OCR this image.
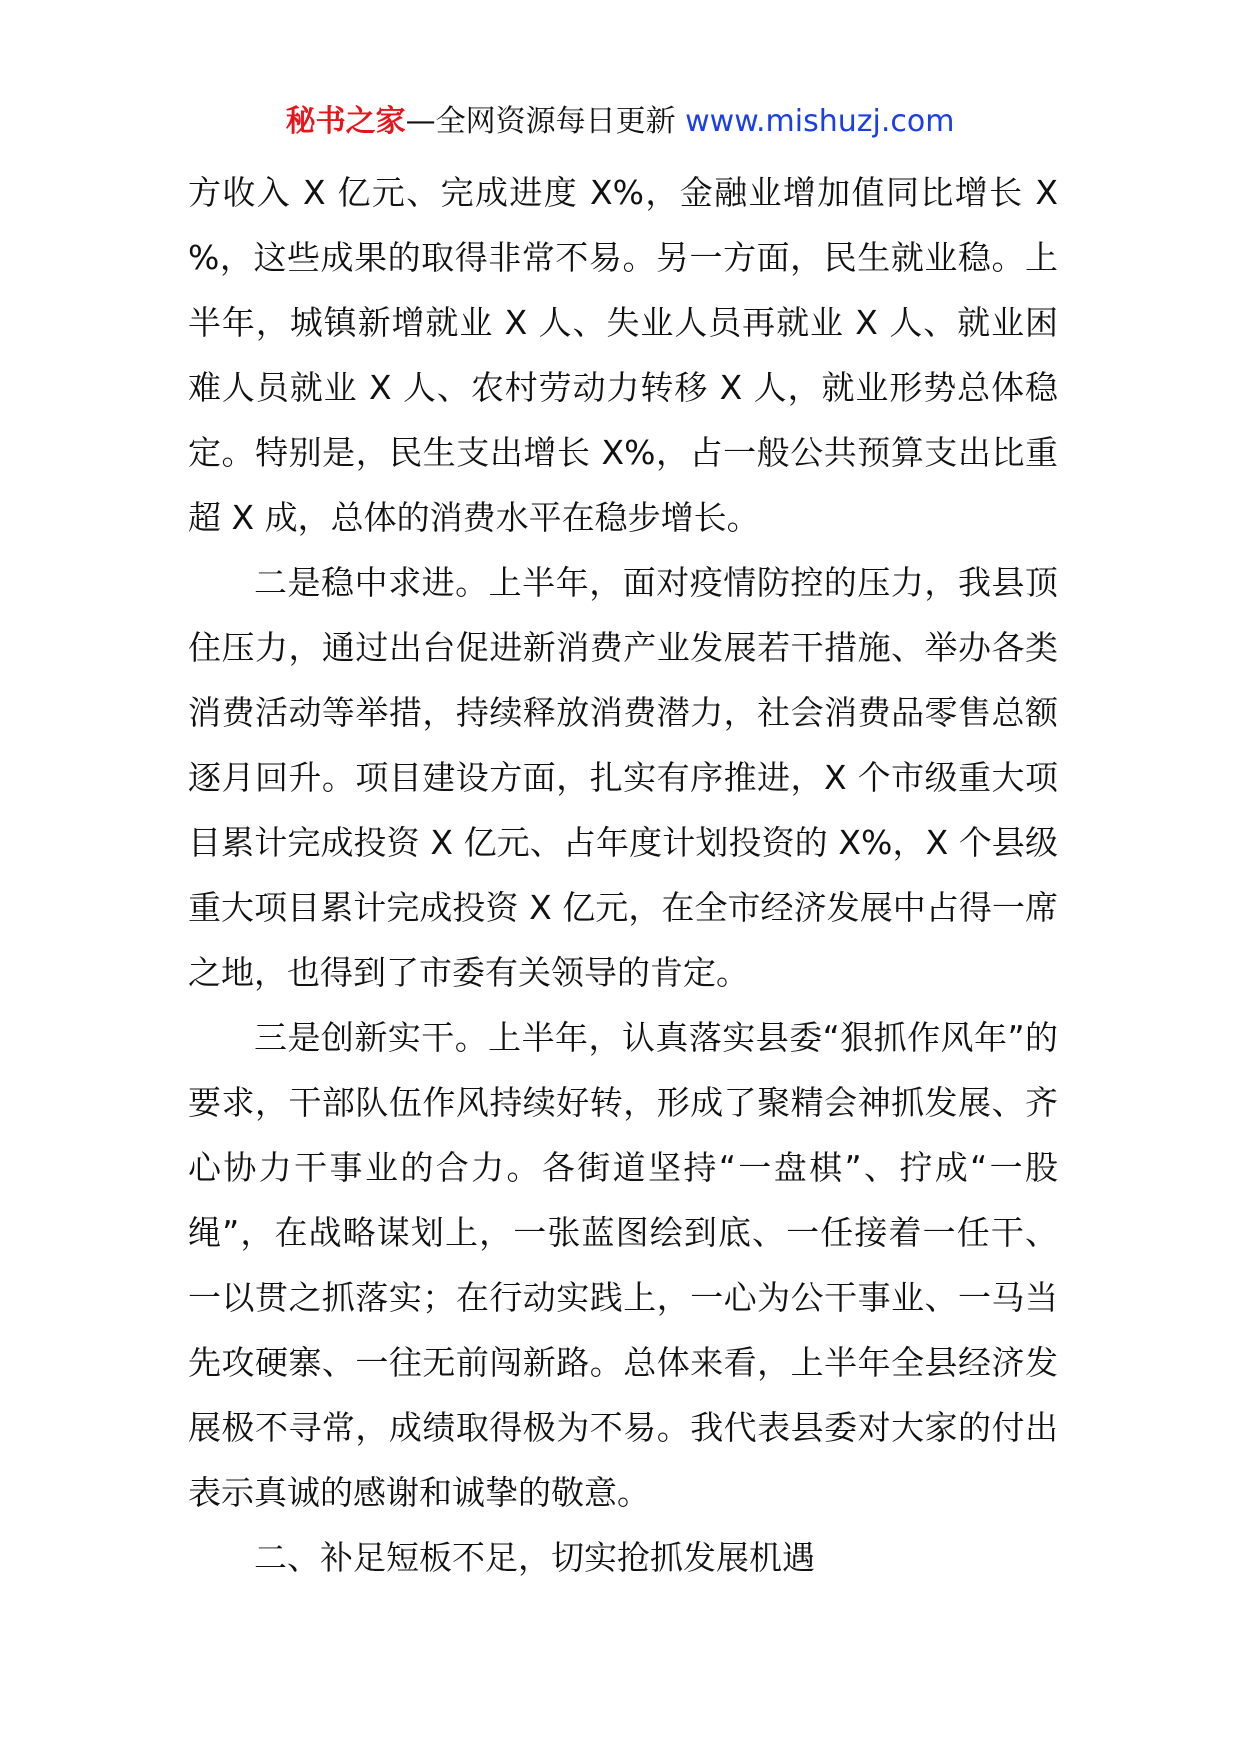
秘书之家—全网资源每日更新 www.mishuzj.com

方收入 X 亿元、完成进度 X%，金融业增加值同比增长 X %，这些成果的取得非常不易。另一方面，民生就业稳。上半年，城镇新增就业 X 人、失业人员再就业 X 人、就业困难人员就业 X 人、农村劳动力转移 X 人，就业形势总体稳定。特别是，民生支出增长 X%，占一般公共预算支出比重超 X 成，总体的消费水平在稳步增长。

二是稳中求进。上半年，面对疫情防控的压力，我县顶住压力，通过出台促进新消费产业发展若干措施、举办各类消费活动等举措，持续释放消费潜力，社会消费品零售总额逐月回升。项目建设方面，扎实有序推进，X 个市级重大项目累计完成投资 X 亿元、占年度计划投资的 X%，X 个县级重大项目累计完成投资 X 亿元，在全市经济发展中占得一席之地，也得到了市委有关领导的肯定。

三是创新实干。上半年，认真落实县委“狠抓作风年”的要求，干部队伍作风持续好转，形成了聚精会神抓发展、齐心协力干事业的合力。各街道坚持“一盘棋”、拧成“一股绳”，在战略谋划上，一张蓝图绘到底、一任接着一任干、一以贯之抓落实；在行动实践上，一心为公干事业、一马当先攻硬寨、一往无前闯新路。总体来看，上半年全县经济发展极不寻常，成绩取得极为不易。我代表县委对大家的付出表示真诚的感谢和诚挚的敬意。

二、补足短板不足，切实抢抓发展机遇
